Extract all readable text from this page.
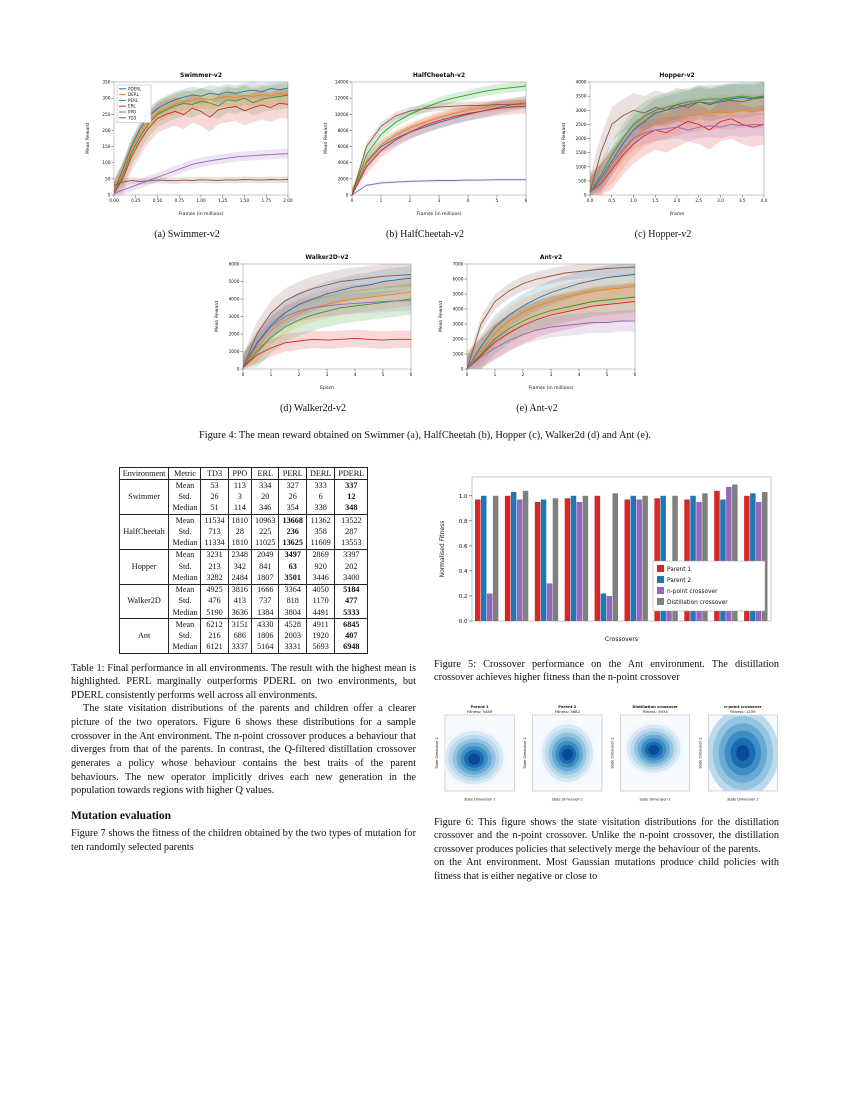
Swimmer-v2
0
50
100
150
200
250
300
350
0.00	0.25	0.50	0.75	1.00	1.25	1.50	1.75	2.00
Mean Reward
Frames (in millions)
PDERL
DERL
PERL
ERL
PPO
TD3
(a) Swimmer-v2
HalfCheetah-v2
0
2000
4000
6000
8000
10000
12000
14000
0	1	2	3	4	5	6
Mean Reward
Frames (in millions)
(b) HalfCheetah-v2
Hopper-v2
0
500
1000
1500
2000
2500
3000
3500
4000
0.0	0.5	1.0	1.5	2.0	2.5	3.0	3.5	4.0
Mean Reward
Frame
(c) Hopper-v2
Walker2D-v2
0
1000
2000
3000
4000
5000
6000
0	1	2	3	4	5	6
Mean Reward
Epoch
(d) Walker2d-v2
Ant-v2
0
1000
2000
3000
4000
5000
6000
7000
0	1	2	3	4	5	6
Mean Reward
Frames (in millions)
(e) Ant-v2
Figure 4: The mean reward obtained on Swimmer (a), HalfCheetah (b), Hopper (c), Walker2d (d) and Ant (e).
Environment	Metric	TD3	PPO	ERL	PERL	DERL	PDERL
Swimmer	Mean	53	113	334	327	333	337
	Std.	26	3	20	26	6	12
	Median	51	114	346	354	338	348
HalfCheetah	Mean	11534	1810	10963	13668	11362	13522
	Std.	713	28	225	236	358	287
	Median	11334	1810	11025	13625	11609	13553
Hopper	Mean	3231	2348	2049	3497	2869	3397
	Std.	213	342	841	63	920	202
	Median	3282	2484	1807	3501	3446	3400
Walker2D	Mean	4925	3816	1666	3364	4050	5184
	Std.	476	413	737	818	1170	477
	Median	5190	3636	1384	3804	4491	5333
Ant	Mean	6212	3151	4330	4528	4911	6845
	Std.	216	686	1806	2003	1920	407
	Median	6121	3337	5164	3331	5693	6948
Table 1: Final performance in all environments. The result with the highest mean is highlighted. PERL marginally outperforms PDERL on two environments, but PDERL consistently performs well across all environments.

The state visitation distributions of the parents and children offer a clearer picture of the two operators. Figure 6 shows these distributions for a sample crossover in the Ant environment. The n-point crossover produces a behaviour that diverges from that of the parents. In contrast, the Q-filtered distillation crossover generates a policy whose behaviour contains the best traits of the parent behaviours. The new operator implicitly drives each new generation in the population towards regions with higher Q values.

Mutation evaluation

Figure 7 shows the fitness of the children obtained by the two types of mutation for ten randomly selected parents

0.0
0.2
0.4
0.6
0.8
1.0
Normalised Fitness
Crossovers
Parent 1
Parent 2
n-point crossover
Distillation crossover
Figure 5: Crossover performance on the Ant environment. The distillation crossover achieves higher fitness than the n-point crossover
Parent 1
Fitness: 5489
State Dimension 1
State Dimension 2
Parent 2
Fitness: 5682
State Dimension 1
State Dimension 2
Distillation crossover
Fitness: 5934
State Dimension 1
State Dimension 2
n-point crossover
Fitness: 1239
State Dimension 1
State Dimension 2
Figure 6: This figure shows the state visitation distributions for the distillation crossover and the n-point crossover. Unlike the n-point crossover, the distillation crossover produces policies that selectively merge the behaviour of the parents.

on the Ant environment. Most Gaussian mutations produce child policies with fitness that is either negative or close to
